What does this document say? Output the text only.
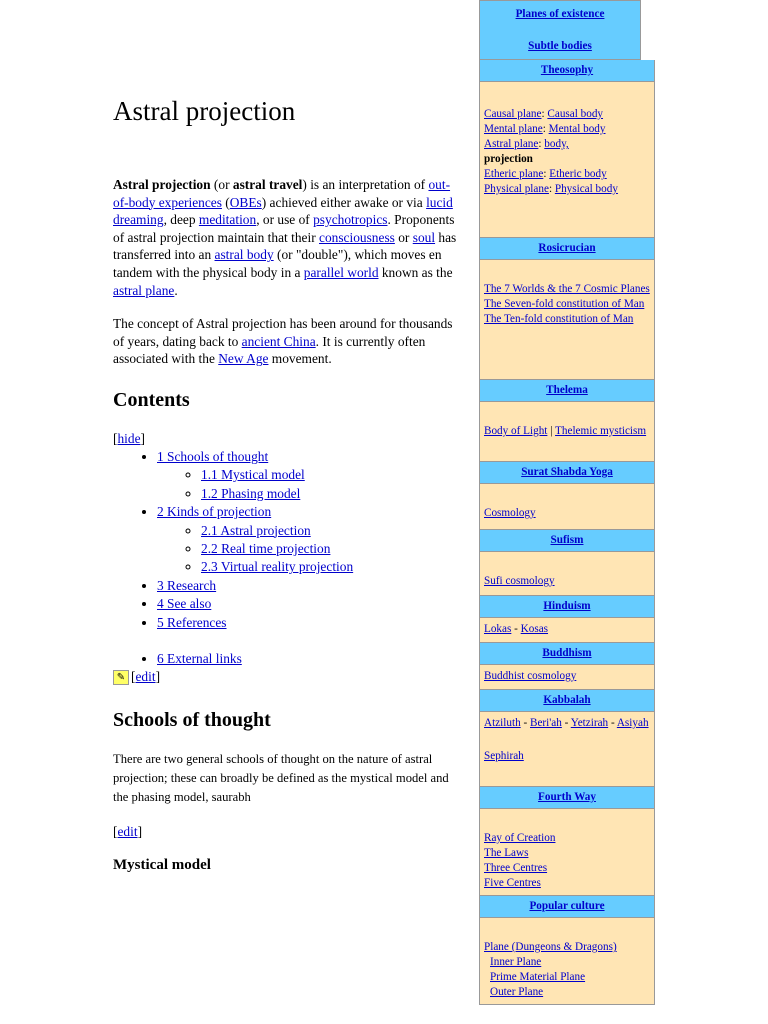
Astral projection

Astral projection (or astral travel) is an interpretation of out-of-body experiences (OBEs) achieved either awake or via lucid dreaming, deep meditation, or use of psychotropics. Proponents of astral projection maintain that their consciousness or soul has transferred into an astral body (or "double"), which moves en tandem with the physical body in a parallel world known as the astral plane.

The concept of Astral projection has been around for thousands of years, dating back to ancient China. It is currently often associated with the New Age movement.

Contents
[hide]
• 1 Schools of thought
◦ 1.1 Mystical model
◦ 1.2 Phasing model
• 2 Kinds of projection
◦ 2.1 Astral projection
◦ 2.2 Real time projection
◦ 2.3 Virtual reality projection
• 3 Research
• 4 See also
• 5 References
• 6 External links
✎ [ edit ]
Schools of thought

There are two general schools of thought on the nature of astral projection; these can broadly be defined as the mystical model and the phasing model, saurabh

[edit]
Mystical model
Planes of existence
Subtle bodies
Theosophy
Causal plane: Causal body
Mental plane: Mental body
Astral plane: body,
projection
Etheric plane: Etheric body
Physical plane: Physical body
Rosicrucian
The 7 Worlds & the 7 Cosmic Planes
The Seven-fold constitution of Man
The Ten-fold constitution of Man
Thelema
Body of Light | Thelemic mysticism
Surat Shabda Yoga
Cosmology
Sufism
Sufi cosmology
Hinduism
Lokas - Kosas
Buddhism
Buddhist cosmology
Kabbalah
Atziluth - Beri'ah - Yetzirah - Asiyah
Sephirah
Fourth Way
Ray of Creation
The Laws
Three Centres
Five Centres
Popular culture
Plane (Dungeons & Dragons)
Inner Plane
Prime Material Plane
Outer Plane
